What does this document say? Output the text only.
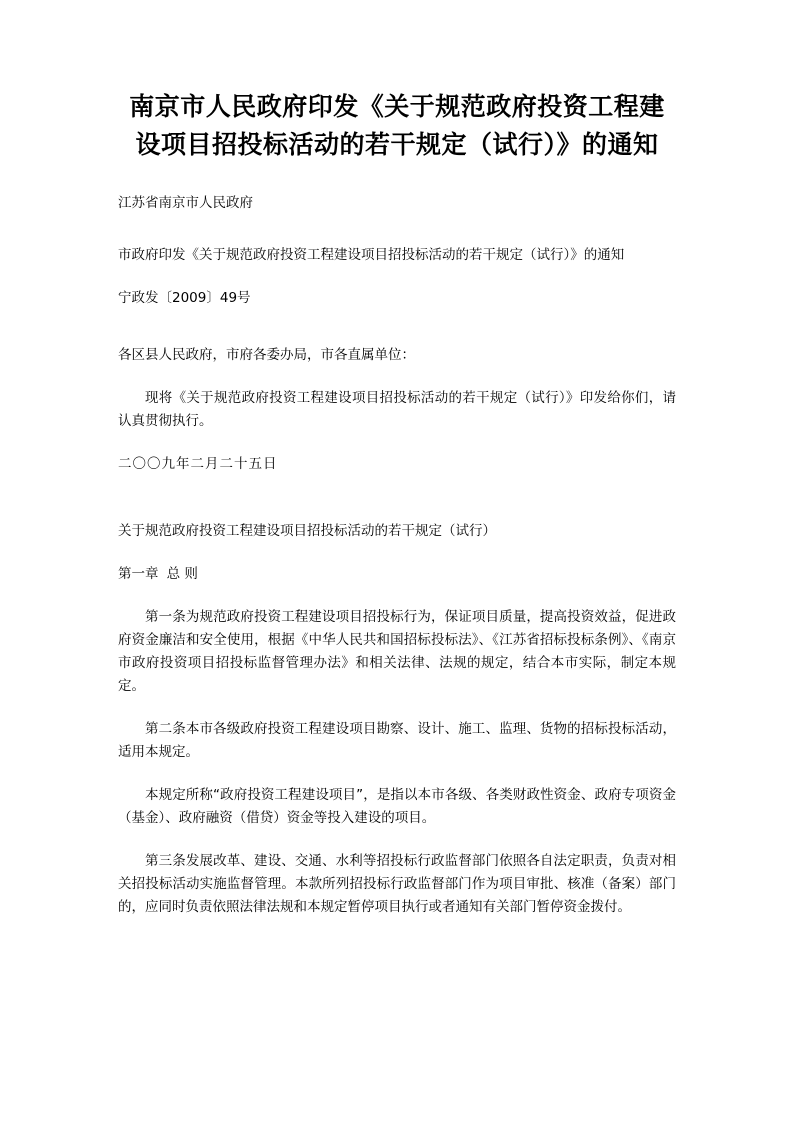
南京市人民政府印发《关于规范政府投资工程建设项目招投标活动的若干规定（试行）》的通知
江苏省南京市人民政府

市政府印发《关于规范政府投资工程建设项目招投标活动的若干规定（试行）》的通知

宁政发〔2009〕49号

各区县人民政府，市府各委办局，市各直属单位：

现将《关于规范政府投资工程建设项目招投标活动的若干规定（试行）》印发给你们，请认真贯彻执行。

二〇〇九年二月二十五日

关于规范政府投资工程建设项目招投标活动的若干规定（试行）

第一章 总 则

第一条为规范政府投资工程建设项目招投标行为，保证项目质量，提高投资效益，促进政府资金廉洁和安全使用，根据《中华人民共和国招标投标法》、《江苏省招标投标条例》、《南京市政府投资项目招投标监督管理办法》和相关法律、法规的规定，结合本市实际，制定本规定。

第二条本市各级政府投资工程建设项目勘察、设计、施工、监理、货物的招标投标活动，适用本规定。

本规定所称“政府投资工程建设项目”，是指以本市各级、各类财政性资金、政府专项资金（基金）、政府融资（借贷）资金等投入建设的项目。

第三条发展改革、建设、交通、水利等招投标行政监督部门依照各自法定职责，负责对相关招投标活动实施监督管理。本款所列招投标行政监督部门作为项目审批、核准（备案）部门的，应同时负责依照法律法规和本规定暂停项目执行或者通知有关部门暂停资金拨付。
